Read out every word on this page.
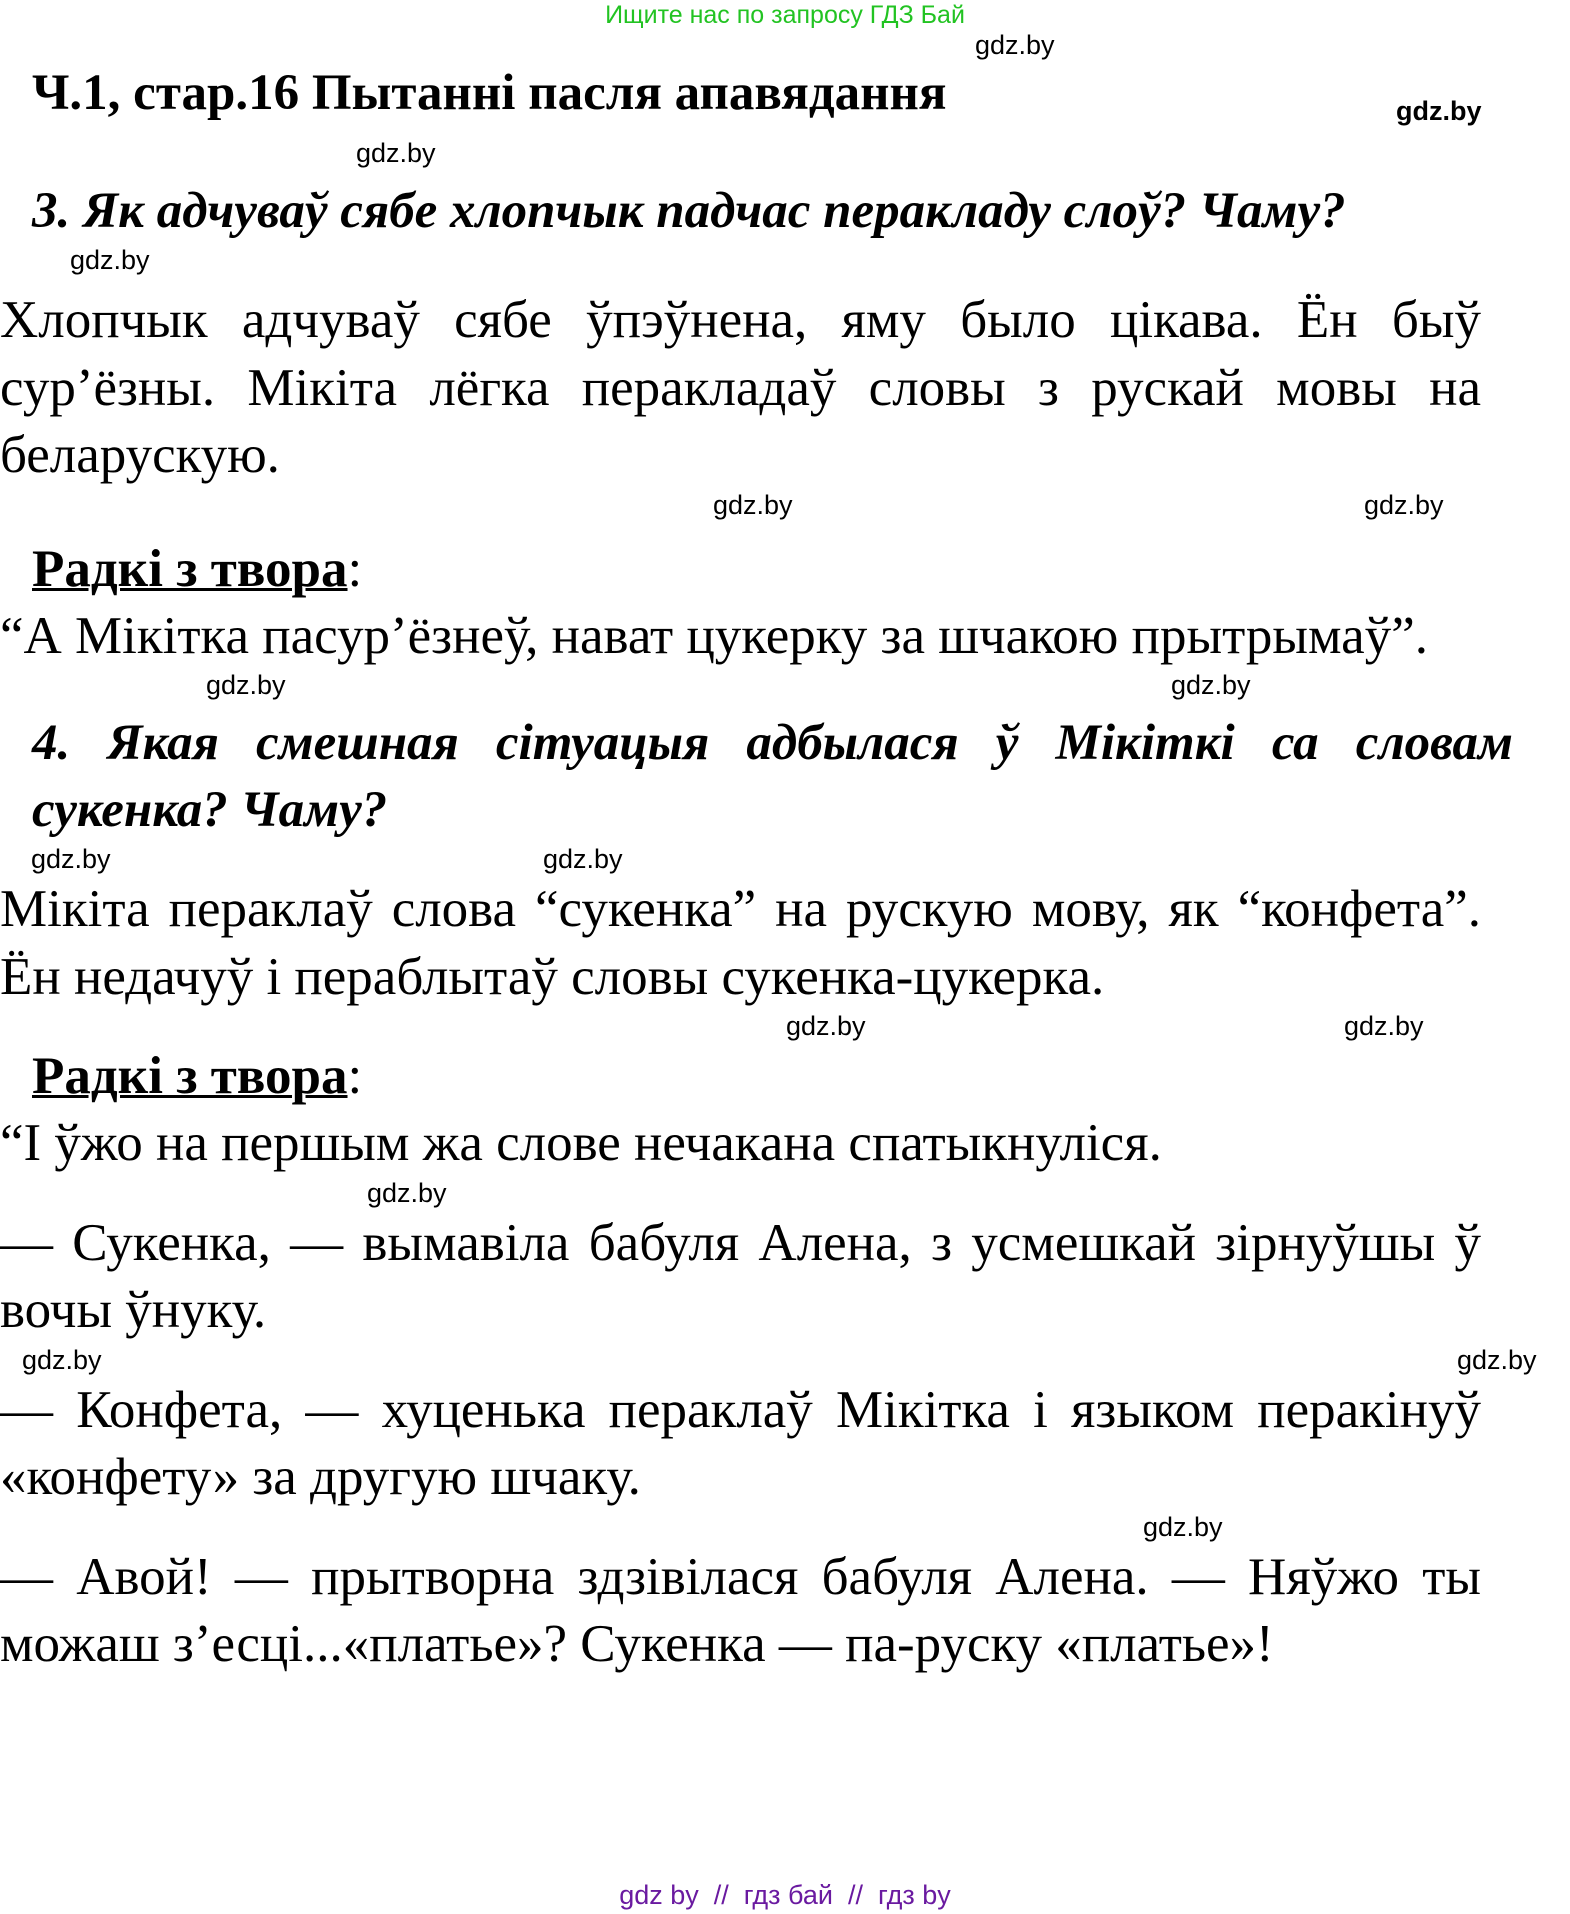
Ищите нас по запросу ГДЗ Бай
gdz.by
Ч.1, стар.16 Пытанні пасля апавядання	gdz.by
gdz.by
3. Як адчуваў сябе хлопчык падчас перакладу слоў? Чаму?
gdz.by

Хлопчык адчуваў сябе ўпэўнена, яму было цікава. Ён быў сур’ёзны. Мікіта лёгка перакладаў словы з рускай мовы на беларускую.

gdz.by	gdz.by
Радкі з твора:

“А Мікітка пасур’ёзнеў, нават цукерку за шчакою прытрымаў”.

gdz.by	gdz.by
4. Якая смешная сітуацыя адбылася ў Мікіткі са словам сукенка? Чаму?
gdz.by	gdz.by

Мікіта пераклаў слова “сукенка” на рускую мову, як “конфета”. Ён недачуў і пераблытаў словы сукенка-цукерка.

gdz.by	gdz.by
Радкі з твора:

“І ўжо на першым жа слове нечакана спатыкнуліся.

gdz.by

— Сукенка, — вымавіла бабуля Алена, з усмешкай зірнуўшы ў вочы ўнуку.

gdz.by	gdz.by

— Конфета, — хуценька пераклаў Мікітка і языком перакінуў «конфету» за другую шчаку.

gdz.by

— Авой! — прытворна здзівілася бабуля Алена. — Няўжо ты можаш з’есці...«платье»? Сукенка — па-руску «платье»!

gdz by  //  гдз бай  //  гдз by
